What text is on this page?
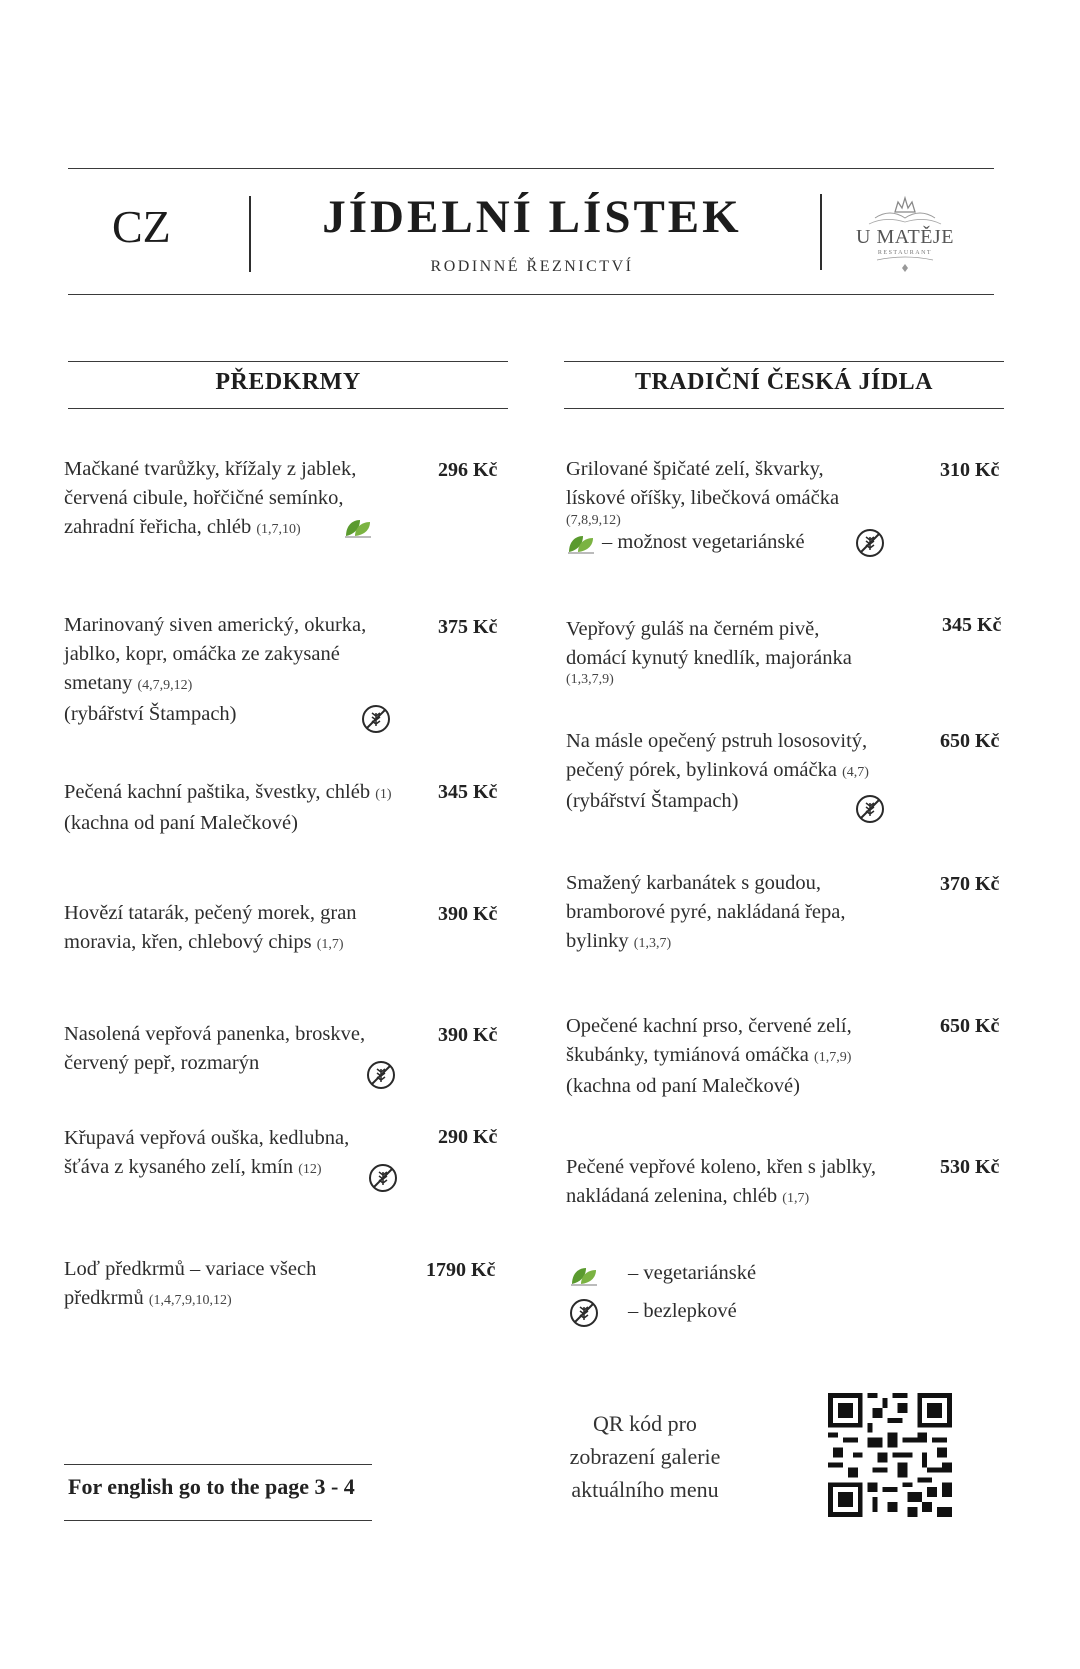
CZ	JÍDELNÍ LÍSTEK
RODINNÉ ŘEZNICTVÍ
U MATĚJE
RESTAURANT
PŘEDKRMY	TRADIČNÍ ČESKÁ JÍDLA
Mačkané tvarůžky, křížaly z jablek,
červená cibule, hořčičné semínko,
zahradní řeřicha, chléb (1,7,10)
296 Kč
Marinovaný siven americký, okurka,
jablko, kopr, omáčka ze zakysané
smetany (4,7,9,12)
(rybářství Štampach)
375 Kč
Pečená kachní paštika, švestky, chléb (1)
(kachna od paní Malečkové)
345 Kč
Hovězí tatarák, pečený morek, gran
moravia, křen, chlebový chips (1,7)
390 Kč
Nasolená vepřová panenka, broskve,
červený pepř, rozmarýn
390 Kč
Křupavá vepřová ouška, kedlubna,
šťáva z kysaného zelí, kmín (12)
290 Kč
Loď předkrmů – variace všech
předkrmů (1,4,7,9,10,12)
1790 Kč
Grilované špičaté zelí, škvarky,
lískové oříšky, libečková omáčka
(7,8,9,12)
– možnost vegetariánské
310 Kč
Vepřový guláš na černém pivě,
domácí kynutý knedlík, majoránka
(1,3,7,9)
345 Kč
Na másle opečený pstruh lososovitý,
pečený pórek, bylinková omáčka (4,7)
(rybářství Štampach)
650 Kč
Smažený karbanátek s goudou,
bramborové pyré, nakládaná řepa,
bylinky (1,3,7)
370 Kč
Opečené kachní prso, červené zelí,
škubánky, tymiánová omáčka (1,7,9)
(kachna od paní Malečkové)
650 Kč
Pečené vepřové koleno, křen s jablky,
nakládaná zelenina, chléb (1,7)
530 Kč
– vegetariánské
– bezlepkové
For english go to the page 3 - 4
QR kód pro
zobrazení galerie
aktuálního menu
